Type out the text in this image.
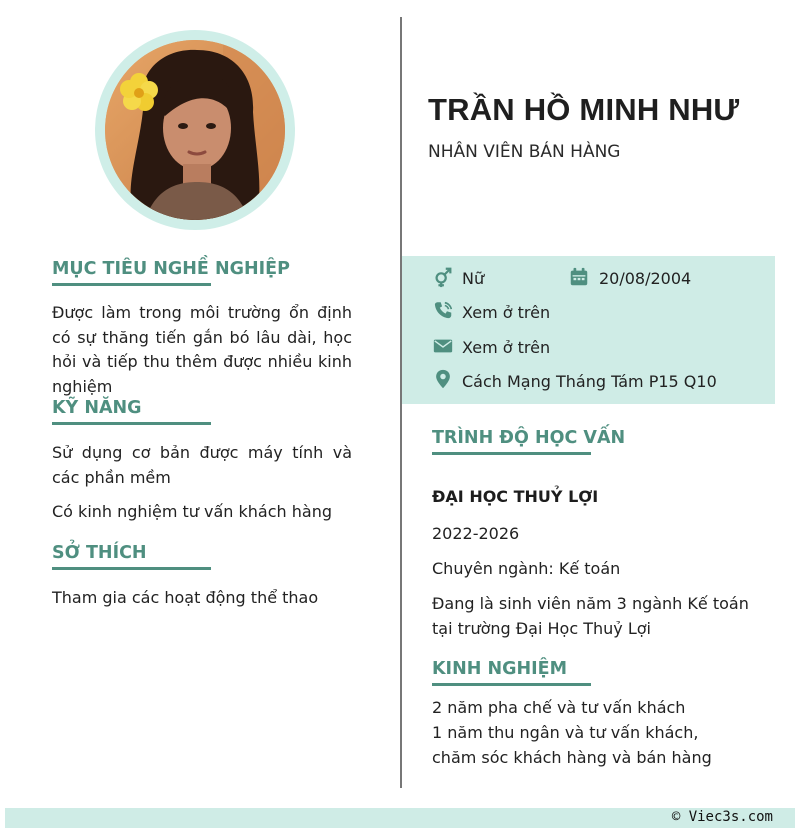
TRẦN HỒ MINH NHƯ
NHÂN VIÊN BÁN HÀNG
MỤC TIÊU NGHỀ NGHIỆP
Được làm trong môi trường ổn định có sự thăng tiến gắn bó lâu dài, học hỏi và tiếp thu thêm được nhiều kinh nghiệm
KỸ NĂNG
Sử dụng cơ bản được máy tính và các phần mềm
Có kinh nghiệm tư vấn khách hàng
SỞ THÍCH
Tham gia các hoạt động thể thao
Nữ	20/08/2004
Xem ở trên
Xem ở trên
Cách Mạng Tháng Tám P15 Q10
TRÌNH ĐỘ HỌC VẤN
ĐẠI HỌC THUỶ LỢI
2022-2026
Chuyên ngành: Kế toán
Đang là sinh viên năm 3 ngành Kế toán tại trường Đại Học Thuỷ Lợi
KINH NGHIỆM
2 năm pha chế và tư vấn khách
1 năm thu ngân và tư vấn khách, chăm sóc khách hàng và bán hàng
© Viec3s.com
